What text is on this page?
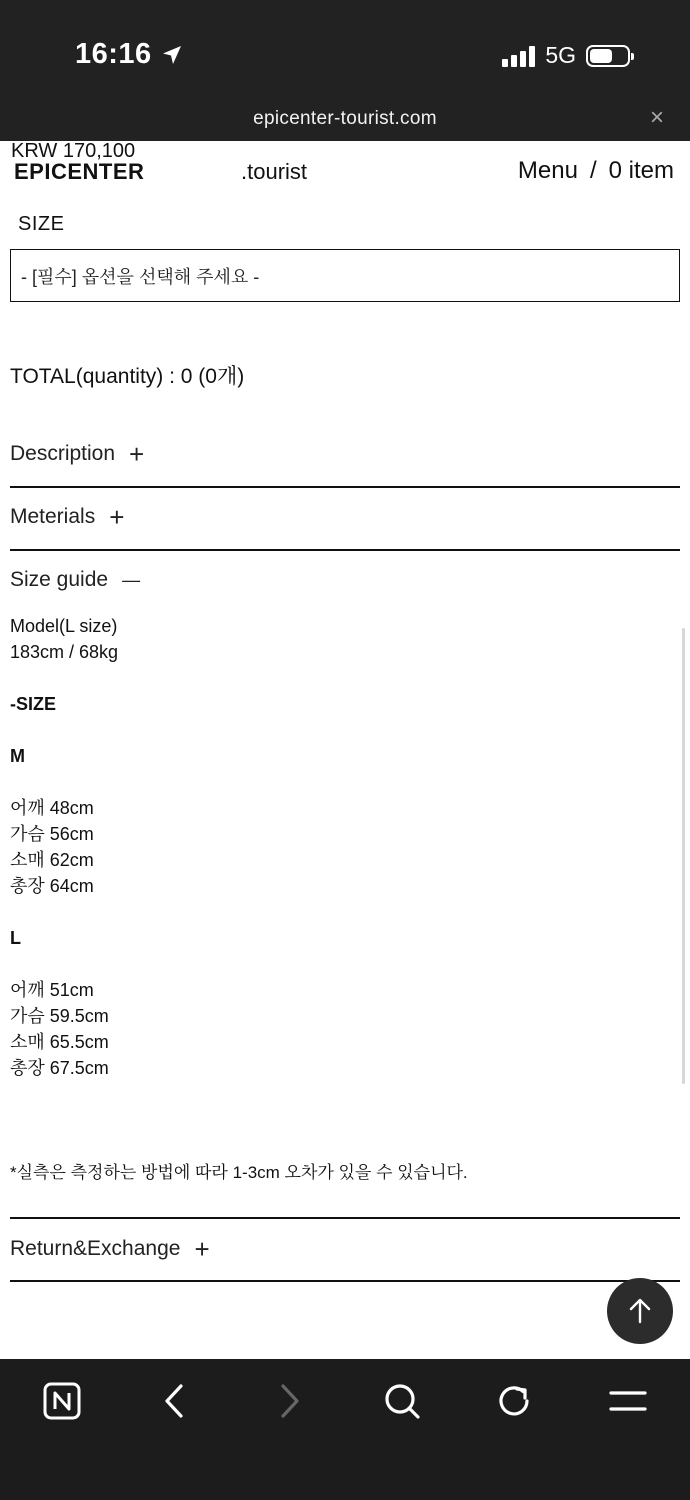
16:16	5G
epicenter-tourist.com	×
KRW 170,100
EPICENTER	.tourist	Menu / 0 item
SIZE
- [필수] 옵션을 선택해 주세요 -
TOTAL(quantity) : 0 (0개)
Description +
Meterials +
Size guide —
Model(L size)
183cm / 68kg
-SIZE
M
어깨 48cm
가슴 56cm
소매 62cm
총장 64cm
L
어깨 51cm
가슴 59.5cm
소매 65.5cm
총장 67.5cm
*실측은 측정하는 방법에 따라 1-3cm 오차가 있을 수 있습니다.
Return&Exchange +
